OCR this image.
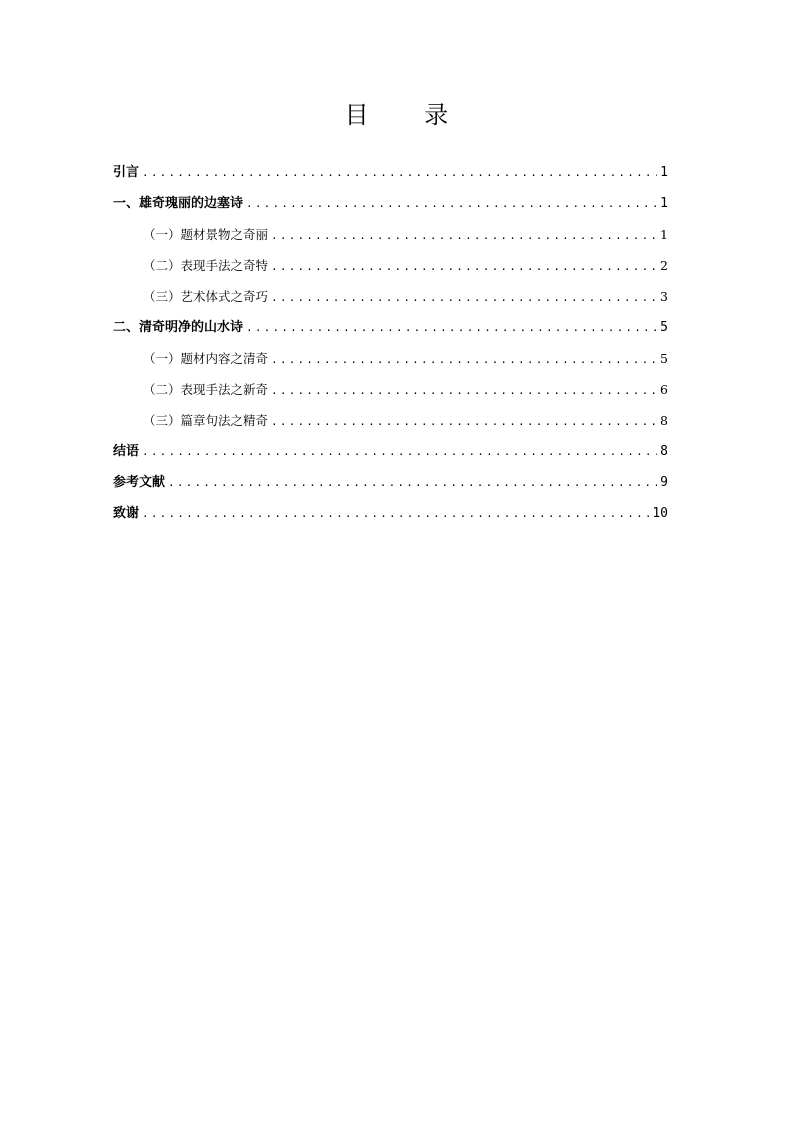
目 录
引言 .....	1
一、雄奇瑰丽的边塞诗 .....	1
（一）题材景物之奇丽 .....	1
（二）表现手法之奇特 .....	2
（三）艺术体式之奇巧 .....	3
二、清奇明净的山水诗 .....	5
（一）题材内容之清奇 .....	5
（二）表现手法之新奇 .....	6
（三）篇章句法之精奇 .....	8
结语 .....	8
参考文献 .....	9
致谢 .....	10
